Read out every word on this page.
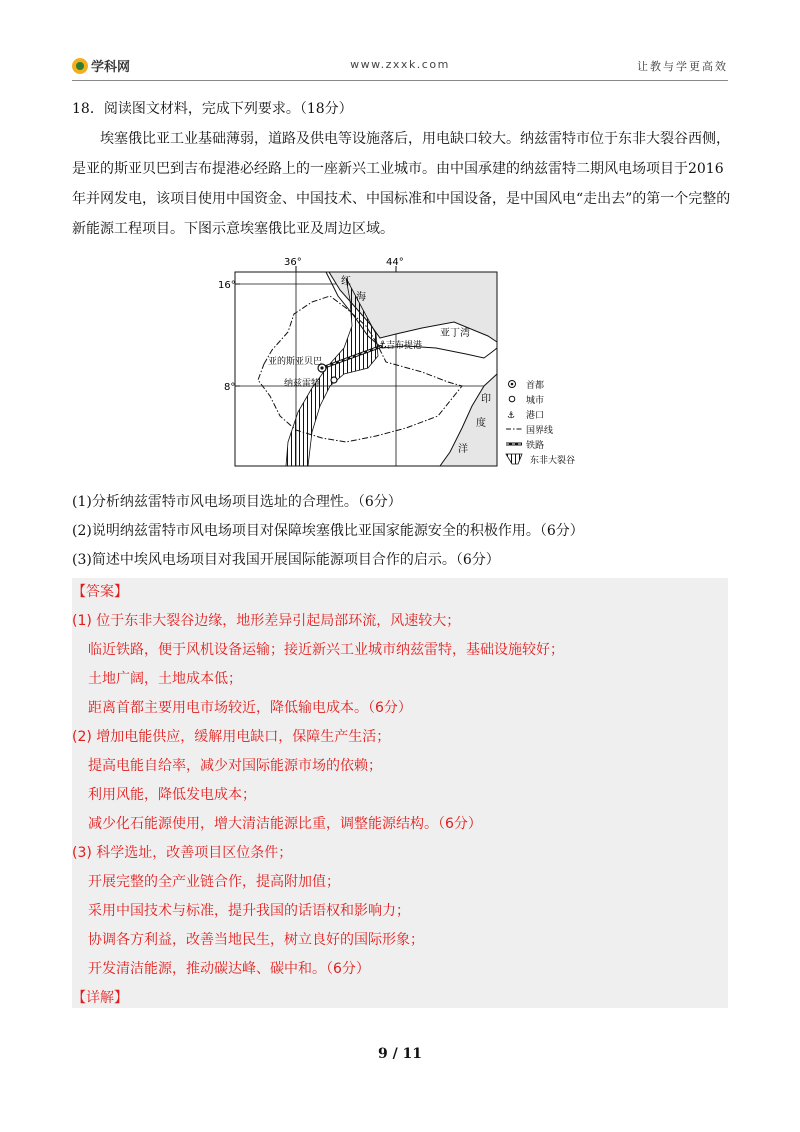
学科网	www.zxxk.com	让教与学更高效
18．阅读图文材料，完成下列要求。（18分）

埃塞俄比亚工业基础薄弱，道路及供电等设施落后，用电缺口较大。纳兹雷特市位于东非大裂谷西侧，是亚的斯亚贝巴到吉布提港必经路上的一座新兴工业城市。由中国承建的纳兹雷特二期风电场项目于2016年并网发电，该项目使用中国资金、中国技术、中国标准和中国设备，是中国风电“走出去”的第一个完整的新能源工程项目。下图示意埃塞俄比亚及周边区域。

⚓
36°	44°
16°
8°
红
海
亚丁湾
印
度
洋
吉布提港
亚的斯亚贝巴
纳兹雷特	首都
城市
⚓ 港口
国界线
铁路
东非大裂谷
(1)分析纳兹雷特市风电场项目选址的合理性。（6分）
(2)说明纳兹雷特市风电场项目对保障埃塞俄比亚国家能源安全的积极作用。（6分）
(3)简述中埃风电场项目对我国开展国际能源项目合作的启示。（6分）
【答案】
(1) 位于东非大裂谷边缘，地形差异引起局部环流，风速较大；
临近铁路，便于风机设备运输；接近新兴工业城市纳兹雷特，基础设施较好；
土地广阔，土地成本低；
距离首都主要用电市场较近，降低输电成本。（6分）
(2) 增加电能供应，缓解用电缺口，保障生产生活；
提高电能自给率，减少对国际能源市场的依赖；
利用风能，降低发电成本；
减少化石能源使用，增大清洁能源比重，调整能源结构。（6分）
(3) 科学选址，改善项目区位条件；
开展完整的全产业链合作，提高附加值；
采用中国技术与标准，提升我国的话语权和影响力；
协调各方利益，改善当地民生，树立良好的国际形象；
开发清洁能源，推动碳达峰、碳中和。（6分）
【详解】
9 / 11
